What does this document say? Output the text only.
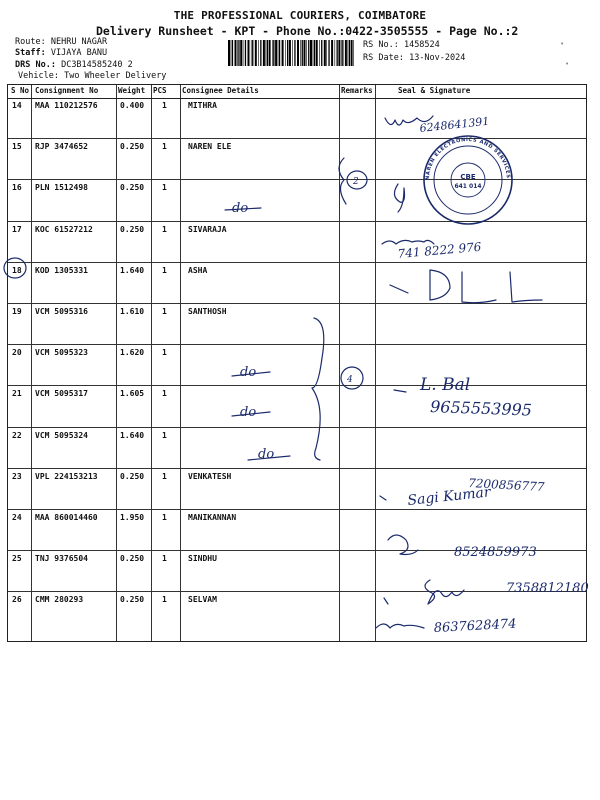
THE PROFESSIONAL COURIERS, COIMBATORE
Delivery Runsheet - KPT - Phone No.:0422-3505555 - Page No.:2
Route: NEHRU NAGAR
Staff: VIJAYA BANU
DRS No.: DC3B14585240 2
Vehicle: Two Wheeler Delivery
RS No.: 1458524
RS Date: 13-Nov-2024
•
•
S No Consignment No	Weight PCS Consignee Details	Remarks	Seal & Signature
14 MAA 110212576	0.400 1	MITHRA
15 RJP 3474652	0.250 1	NAREN ELE
16 PLN 1512498	0.250 1
17 KOC 61527212	0.250 1	SIVARAJA
18 KOD 1305331	1.640 1	ASHA
19 VCM 5095316	1.610 1	SANTHOSH
20 VCM 5095323	1.620 1
21 VCM 5095317	1.605 1
22 VCM 5095324	1.640 1
23 VPL 224153213	0.250 1	VENKATESH
24 MAA 860014460	1.950 1	MANIKANNAN
25 TNJ 9376504	0.250 1	SINDHU
26 CMM 280293	0.250 1	SELVAM
6248641391
NAREN ELECTRONICS AND SERVICES
CBE
641 014
do
2
741 8222 976
4
do
do
do
L. Bal
9655553995
7200856777
Sagi Kumar
8524859973
7358812180
8637628474
